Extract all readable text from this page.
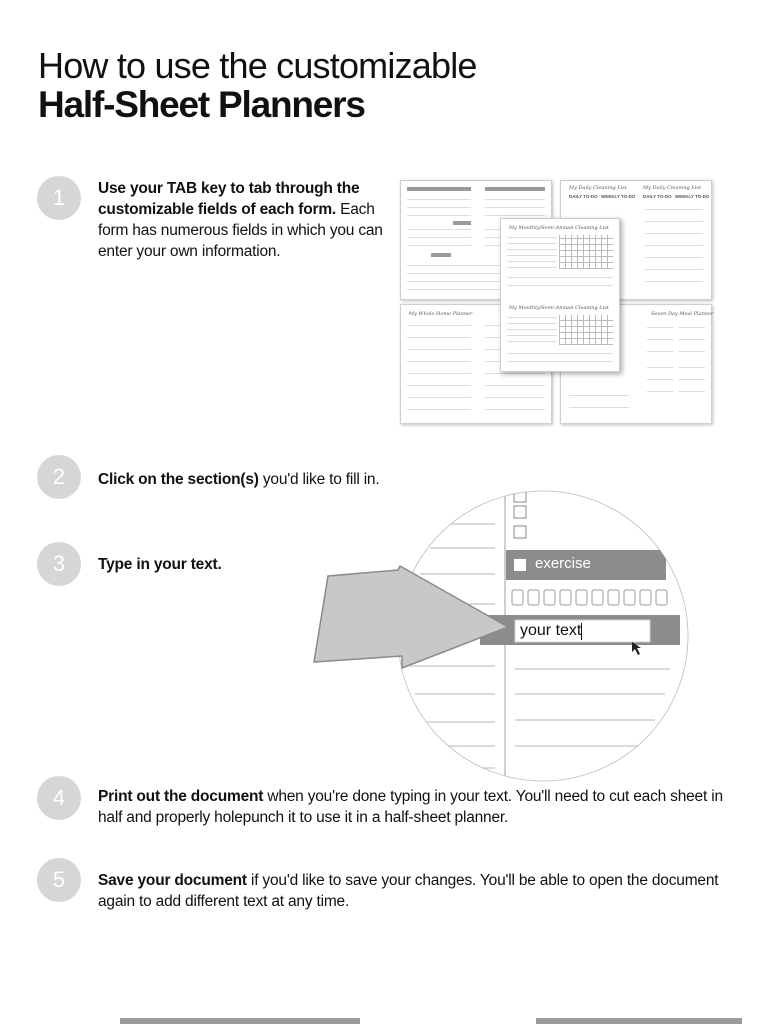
How to use the customizable
Half-Sheet Planners
1	Use your TAB key to tab through the customizable fields of each form. Each form has numerous fields in which you can enter your own information.
My Daily Cleaning List	My Daily Cleaning List
DAILY TO-DO WEEKLY TO-DO DAILY TO-DO WEEKLY TO-DO
My Whole Home Planner	Seven Day Meal Planner
My Monthly/Semi-Annual Cleaning List
My Monthly/Semi-Annual Cleaning List
2	Click on the section(s) you'd like to fill in.
3	Type in your text.	exercise
your text
4	Print out the document when you're done typing in your text. You'll need to cut each sheet in half and properly holepunch it to use it in a half-sheet planner.
5	Save your document if you'd like to save your changes. You'll be able to open the document again to add different text at any time.
